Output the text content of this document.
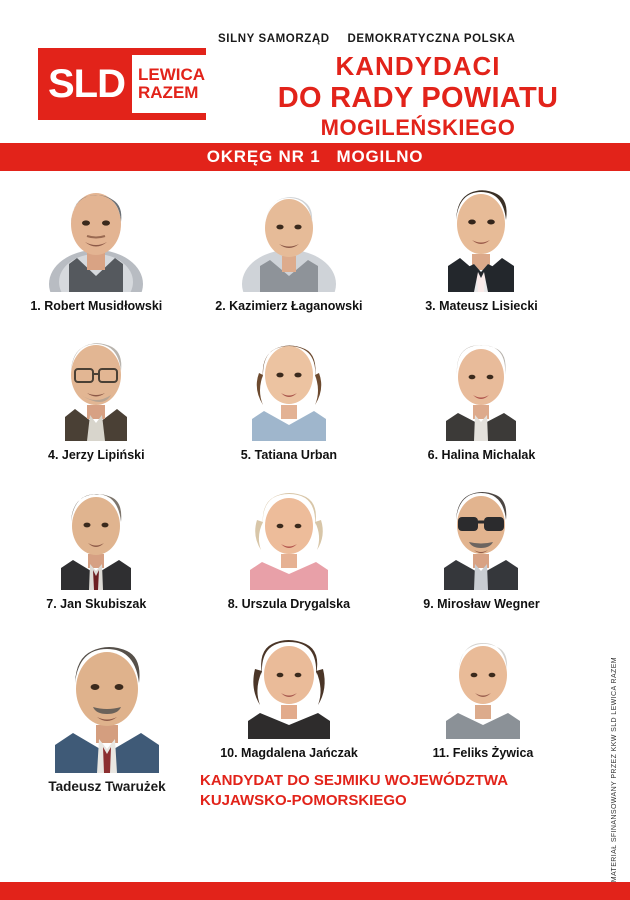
SLD LEWICA
RAZEM
SILNY SAMORZĄD DEMOKRATYCZNA POLSKA
KANDYDACI
DO RADY POWIATU
MOGILEŃSKIEGO
OKRĘG NR 1 MOGILNO
1. Robert Musidłowski	2. Kazimierz Łaganowski	3. Mateusz Lisiecki
4. Jerzy Lipiński	5. Tatiana Urban	6. Halina Michalak
7. Jan Skubiszak	8. Urszula Drygalska	9. Mirosław Wegner
Tadeusz Twarużek
10. Magdalena Jańczak	11. Feliks Żywica
KANDYDAT DO SEJMIKU WOJEWÓDZTWA
KUJAWSKO-POMORSKIEGO	MATERIAŁ SFINANSOWANY PRZEZ KKW SLD LEWICA RAZEM
